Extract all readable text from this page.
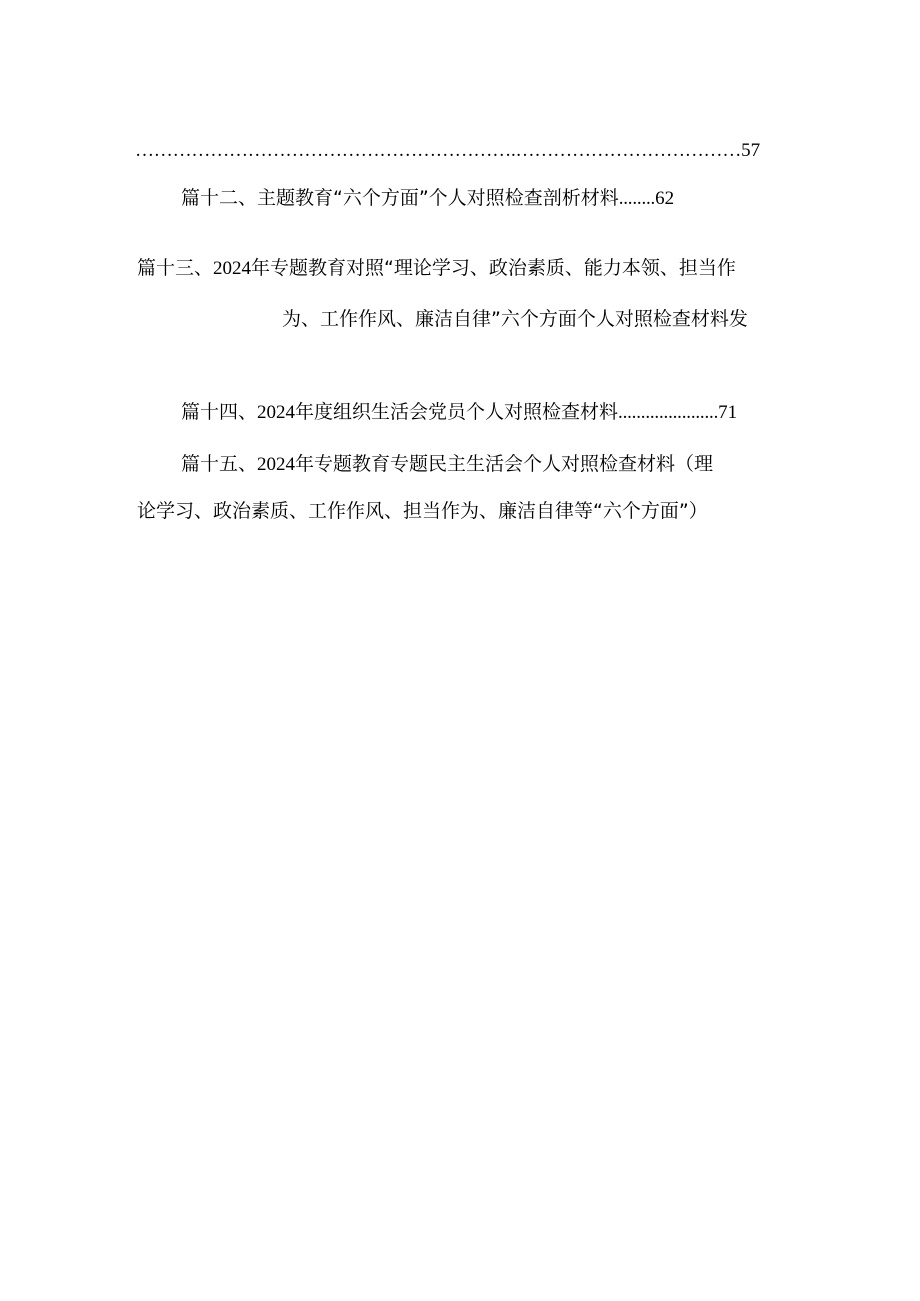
…………………………………………………….………………………………57
篇十二、主题教育“六个方面”个人对照检查剖析材料........62
篇十三、2024年专题教育对照“理论学习、政治素质、能力本领、担当作
为、工作作风、廉洁自律”六个方面个人对照检查材料发
篇十四、2024年度组织生活会党员个人对照检查材料......................71
篇十五、2024年专题教育专题民主生活会个人对照检查材料（理
论学习、政治素质、工作作风、担当作为、廉洁自律等“六个方面”）
